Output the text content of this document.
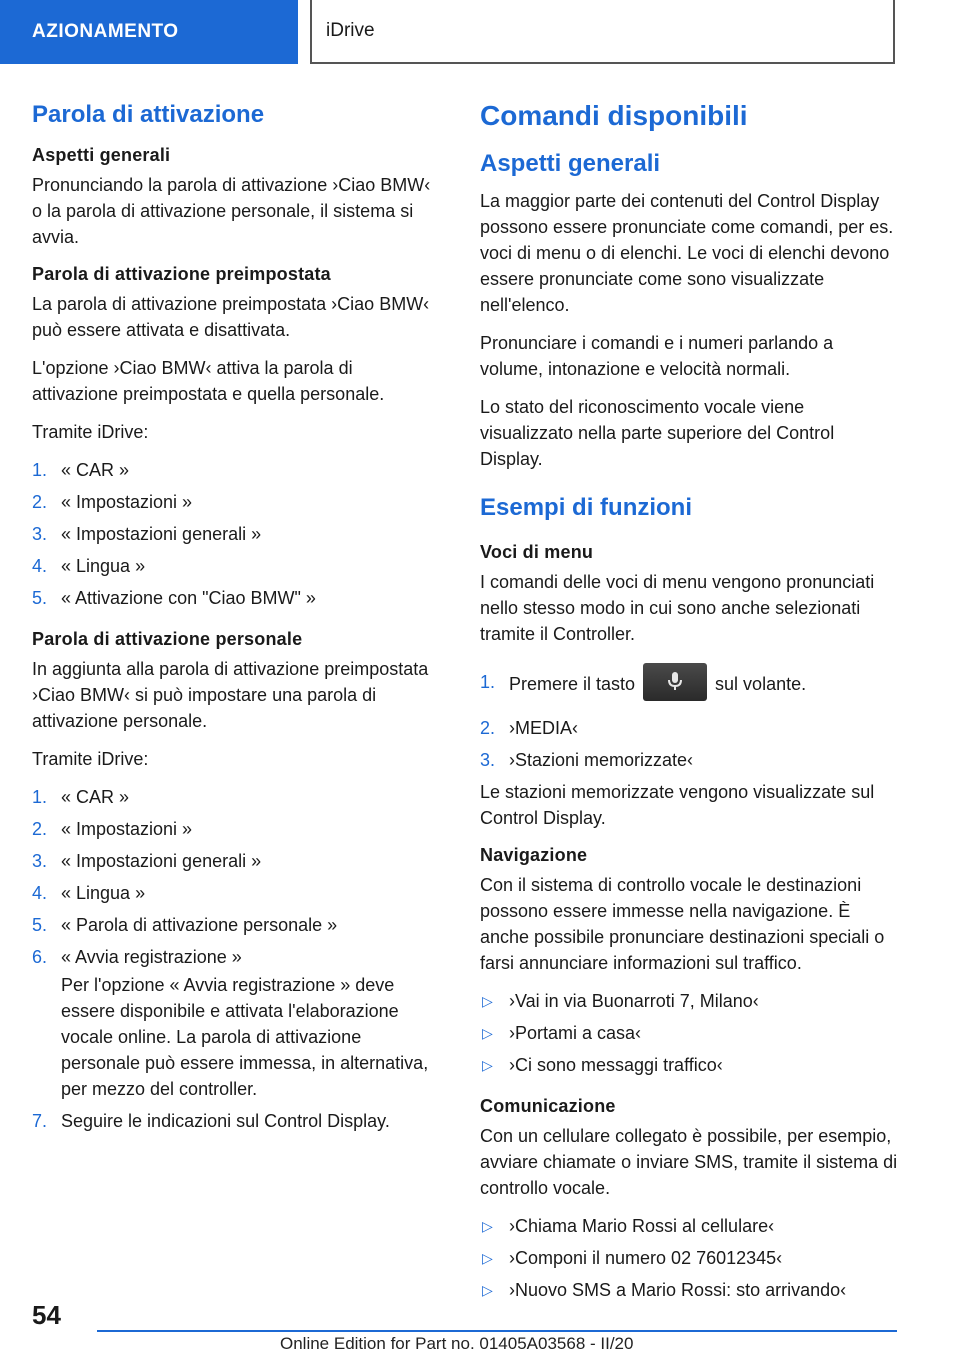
AZIONAMENTO	iDrive
Parola di attivazione
Aspetti generali

Pronunciando la parola di attivazione ›Ciao BMW‹ o la parola di attivazione personale, il sistema si avvia.

Parola di attivazione preimpostata

La parola di attivazione preimpostata ›Ciao BMW‹ può essere attivata e disattivata.

L'opzione ›Ciao BMW‹ attiva la parola di attivazione preimpostata e quella personale.

Tramite iDrive:

1. « CAR »
2. « Impostazioni »
3. « Impostazioni generali »
4. « Lingua »
5. « Attivazione con "Ciao BMW" »
Parola di attivazione personale

In aggiunta alla parola di attivazione preimpostata ›Ciao BMW‹ si può impostare una parola di attivazione personale.

Tramite iDrive:

1. « CAR »
2. « Impostazioni »
3. « Impostazioni generali »
4. « Lingua »
5. « Parola di attivazione personale »
6. « Avvia registrazione »
Per l'opzione « Avvia registrazione » deve essere disponibile e attivata l'elaborazione vocale online. La parola di attivazione personale può essere immessa, in alternativa, per mezzo del controller.
7. Seguire le indicazioni sul Control Display.
Comandi disponibili
Aspetti generali

La maggior parte dei contenuti del Control Display possono essere pronunciate come comandi, per es. voci di menu o di elenchi. Le voci di elenchi devono essere pronunciate come sono visualizzate nell'elenco.

Pronunciare i comandi e i numeri parlando a volume, intonazione e velocità normali.

Lo stato del riconoscimento vocale viene visualizzato nella parte superiore del Control Display.

Esempi di funzioni
Voci di menu

I comandi delle voci di menu vengono pronunciati nello stesso modo in cui sono anche selezionati tramite il Controller.

1. Premere il tasto	sul volante.
2. ›MEDIA‹
3. ›Stazioni memorizzate‹

Le stazioni memorizzate vengono visualizzate sul Control Display.

Navigazione

Con il sistema di controllo vocale le destinazioni possono essere immesse nella navigazione. È anche possibile pronunciare destinazioni speciali o farsi annunciare informazioni sul traffico.

▷ ›Vai in via Buonarroti 7, Milano‹
▷ ›Portami a casa‹
▷ ›Ci sono messaggi traffico‹
Comunicazione

Con un cellulare collegato è possibile, per esempio, avviare chiamate o inviare SMS, tramite il sistema di controllo vocale.

▷ ›Chiama Mario Rossi al cellulare‹
▷ ›Componi il numero 02 76012345‹
▷ ›Nuovo SMS a Mario Rossi: sto arrivando‹
54
Online Edition for Part no. 01405A03568 - II/20
